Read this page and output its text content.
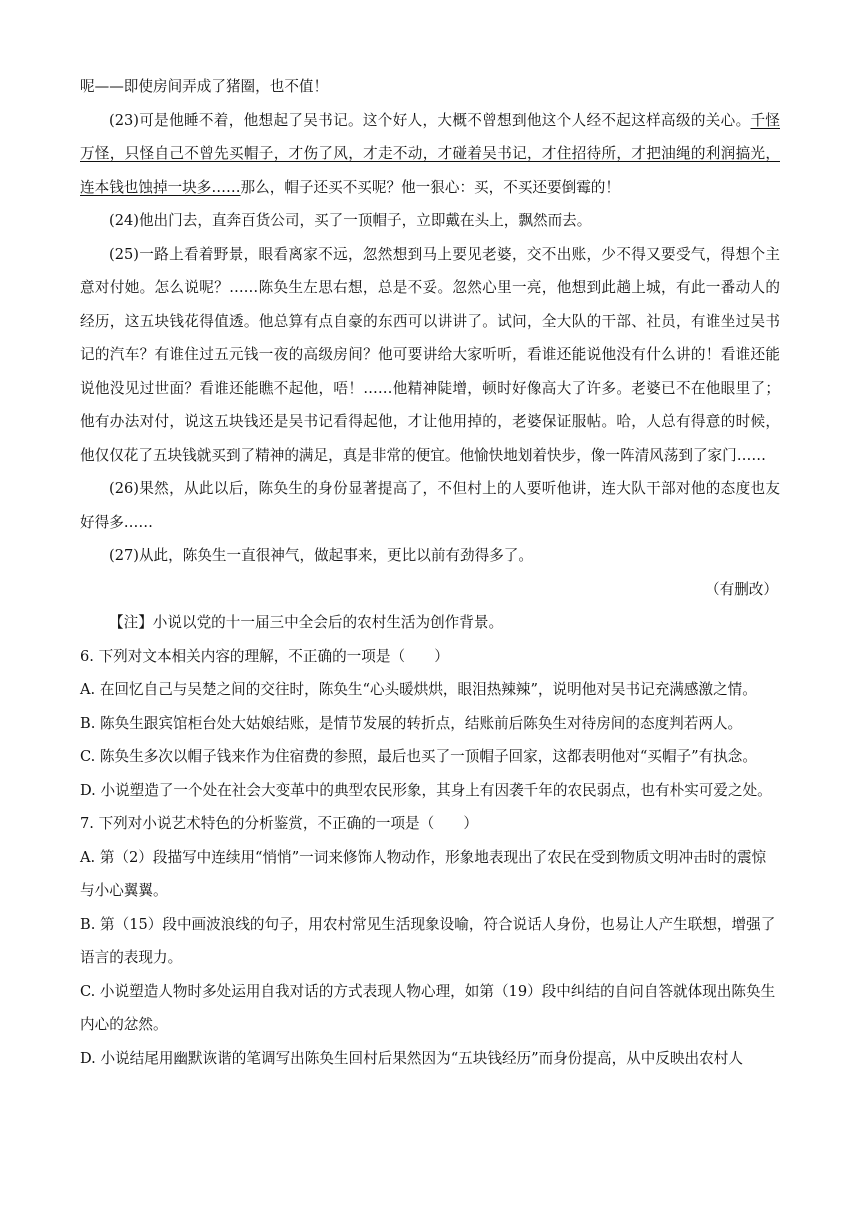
呢——即使房间弄成了猪圈，也不值！

(23)可是他睡不着，他想起了吴书记。这个好人，大概不曾想到他这个人经不起这样高级的关心。千怪万怪，只怪自己不曾先买帽子，才伤了风，才走不动，才碰着吴书记，才住招待所，才把油绳的利润搞光，连本钱也蚀掉一块多……那么，帽子还买不买呢？他一狠心：买，不买还要倒霉的！

(24)他出门去，直奔百货公司，买了一顶帽子，立即戴在头上，飘然而去。

(25)一路上看着野景，眼看离家不远，忽然想到马上要见老婆，交不出账，少不得又要受气，得想个主意对付她。怎么说呢？……陈奂生左思右想，总是不妥。忽然心里一亮，他想到此趟上城，有此一番动人的经历，这五块钱花得值透。他总算有点自豪的东西可以讲讲了。试问，全大队的干部、社员，有谁坐过吴书记的汽车？有谁住过五元钱一夜的高级房间？他可要讲给大家听听，看谁还能说他没有什么讲的！看谁还能说他没见过世面？看谁还能瞧不起他，唔！……他精神陡增，顿时好像高大了许多。老婆已不在他眼里了；他有办法对付，说这五块钱还是吴书记看得起他，才让他用掉的，老婆保证服帖。哈，人总有得意的时候，他仅仅花了五块钱就买到了精神的满足，真是非常的便宜。他愉快地划着快步，像一阵清风荡到了家门……

(26)果然，从此以后，陈奂生的身份显著提高了，不但村上的人要听他讲，连大队干部对他的态度也友好得多……

(27)从此，陈奂生一直很神气，做起事来，更比以前有劲得多了。

（有删改）

【注】小说以党的十一届三中全会后的农村生活为创作背景。

6. 下列对文本相关内容的理解，不正确的一项是（　　）

A. 在回忆自己与吴楚之间的交往时，陈奂生“心头暖烘烘，眼泪热辣辣”，说明他对吴书记充满感激之情。

B. 陈奂生跟宾馆柜台处大姑娘结账，是情节发展的转折点，结账前后陈奂生对待房间的态度判若两人。

C. 陈奂生多次以帽子钱来作为住宿费的参照，最后也买了一顶帽子回家，这都表明他对“买帽子”有执念。

D. 小说塑造了一个处在社会大变革中的典型农民形象，其身上有因袭千年的农民弱点，也有朴实可爱之处。

7. 下列对小说艺术特色的分析鉴赏，不正确的一项是（　　）

A. 第（2）段描写中连续用“悄悄”一词来修饰人物动作，形象地表现出了农民在受到物质文明冲击时的震惊与小心翼翼。

B. 第（15）段中画波浪线的句子，用农村常见生活现象设喻，符合说话人身份，也易让人产生联想，增强了语言的表现力。

C. 小说塑造人物时多处运用自我对话的方式表现人物心理，如第（19）段中纠结的自问自答就体现出陈奂生内心的忿然。

D. 小说结尾用幽默诙谐的笔调写出陈奂生回村后果然因为“五块钱经历”而身份提高，从中反映出农村人
